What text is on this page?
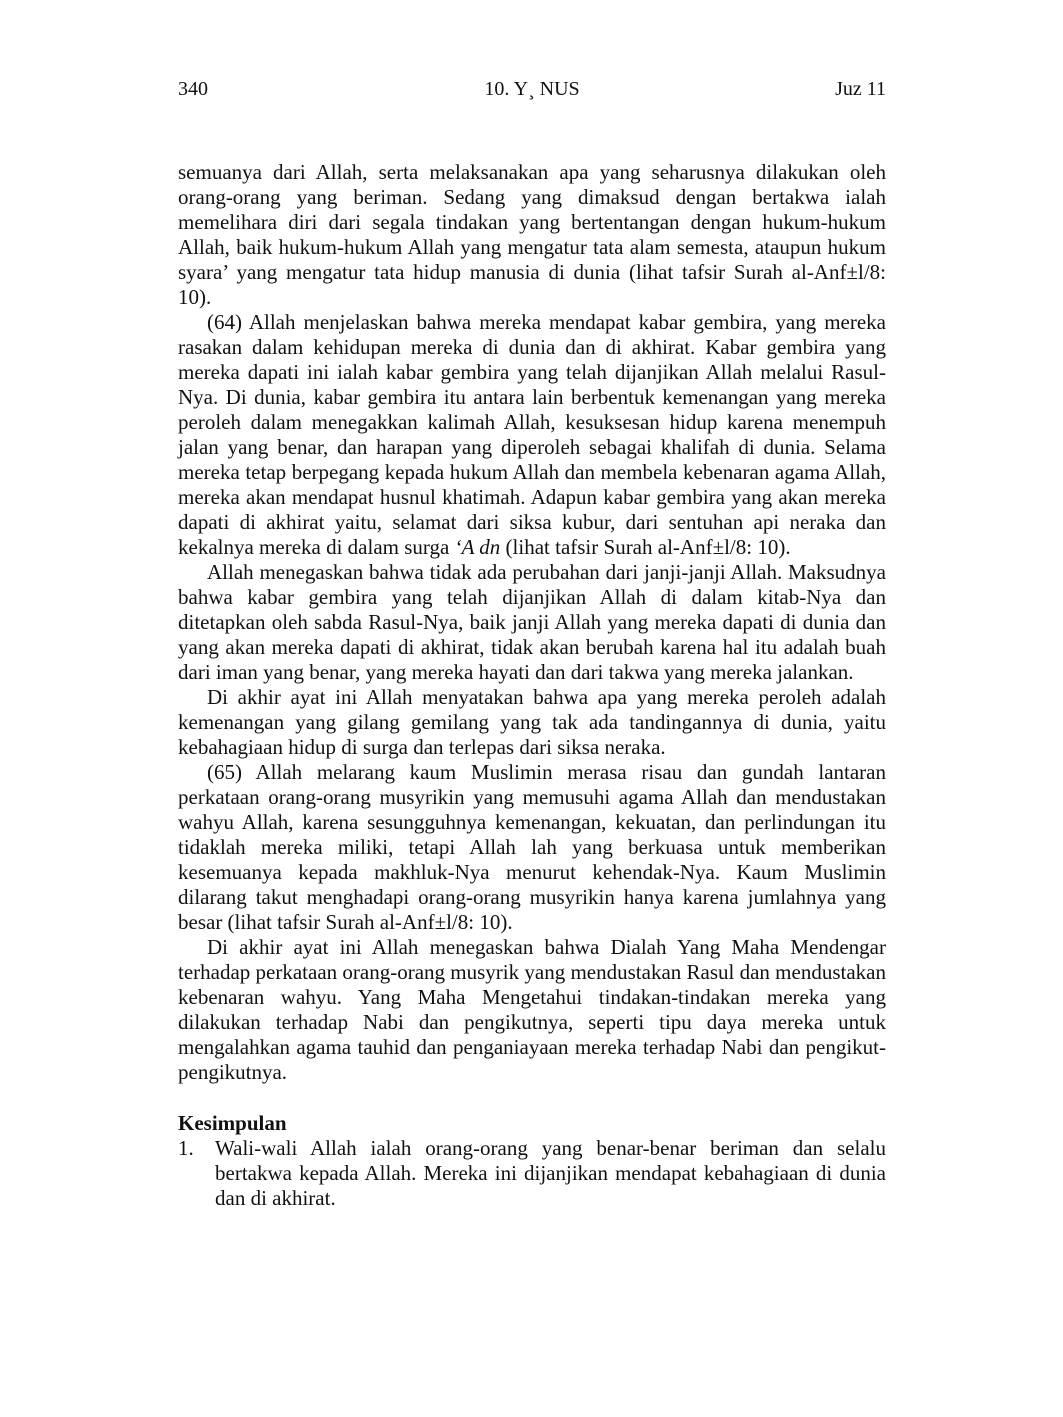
340	10. Y¸ NUS	Juz 11

semuanya dari Allah, serta melaksanakan apa yang seharusnya dilakukan oleh orang-orang yang beriman. Sedang yang dimaksud dengan bertakwa ialah memelihara diri dari segala tindakan yang bertentangan dengan hukum-hukum Allah, baik hukum-hukum Allah yang mengatur tata alam semesta, ataupun hukum syara’ yang mengatur tata hidup manusia di dunia (lihat tafsir Surah al-Anf±l/8: 10).

(64) Allah menjelaskan bahwa mereka mendapat kabar gembira, yang mereka rasakan dalam kehidupan mereka di dunia dan di akhirat. Kabar gembira yang mereka dapati ini ialah kabar gembira yang telah dijanjikan Allah melalui Rasul-Nya. Di dunia, kabar gembira itu antara lain berbentuk kemenangan yang mereka peroleh dalam menegakkan kalimah Allah, kesuksesan hidup karena menempuh jalan yang benar, dan harapan yang diperoleh sebagai khalifah di dunia. Selama mereka tetap berpegang kepada hukum Allah dan membela kebenaran agama Allah, mereka akan mendapat husnul khatimah. Adapun kabar gembira yang akan mereka dapati di akhirat yaitu, selamat dari siksa kubur, dari sentuhan api neraka dan kekalnya mereka di dalam surga ‘A dn (lihat tafsir Surah al-Anf±l/8: 10).

Allah menegaskan bahwa tidak ada perubahan dari janji-janji Allah. Maksudnya bahwa kabar gembira yang telah dijanjikan Allah di dalam kitab-Nya dan ditetapkan oleh sabda Rasul-Nya, baik janji Allah yang mereka dapati di dunia dan yang akan mereka dapati di akhirat, tidak akan berubah karena hal itu adalah buah dari iman yang benar, yang mereka hayati dan dari takwa yang mereka jalankan.

Di akhir ayat ini Allah menyatakan bahwa apa yang mereka peroleh adalah kemenangan yang gilang gemilang yang tak ada tandingannya di dunia, yaitu kebahagiaan hidup di surga dan terlepas dari siksa neraka.

(65) Allah melarang kaum Muslimin merasa risau dan gundah lantaran perkataan orang-orang musyrikin yang memusuhi agama Allah dan mendustakan wahyu Allah, karena sesungguhnya kemenangan, kekuatan, dan perlindungan itu tidaklah mereka miliki, tetapi Allah lah yang berkuasa untuk memberikan kesemuanya kepada makhluk-Nya menurut kehendak-Nya. Kaum Muslimin dilarang takut menghadapi orang-orang musyrikin hanya karena jumlahnya yang besar (lihat tafsir Surah al-Anf±l/8: 10).

Di akhir ayat ini Allah menegaskan bahwa Dialah Yang Maha Mendengar terhadap perkataan orang-orang musyrik yang mendustakan Rasul dan mendustakan kebenaran wahyu. Yang Maha Mengetahui tindakan-tindakan mereka yang dilakukan terhadap Nabi dan pengikutnya, seperti tipu daya mereka untuk mengalahkan agama tauhid dan penganiayaan mereka terhadap Nabi dan pengikut-pengikutnya.

Kesimpulan
1. Wali-wali Allah ialah orang-orang yang benar-benar beriman dan selalu bertakwa kepada Allah. Mereka ini dijanjikan mendapat kebahagiaan di dunia dan di akhirat.
